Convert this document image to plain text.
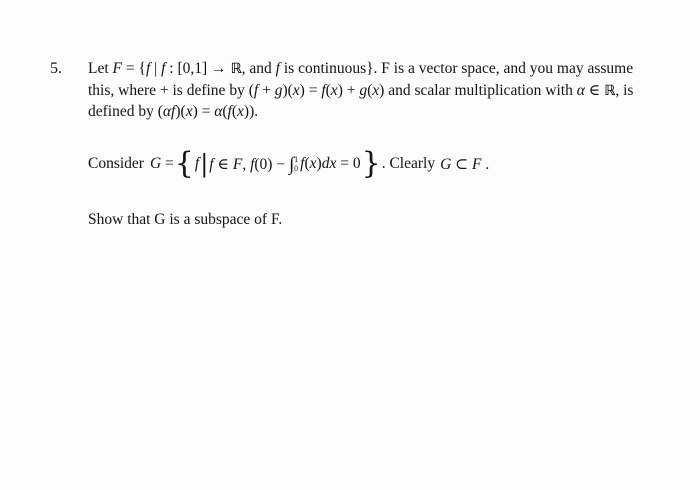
5. Let F = {f | f : [0,1] → ℝ, and f is continuous}. F is a vector space, and you may assume
this, where + is define by (f + g)(x) = f(x) + g(x) and scalar multiplication with α ∈ ℝ, is
defined by (αf)(x) = α(f(x)).
Consider G = { f | f ∈ F, f(0) − ∫ 1
0 f(x)dx = 0 } . Clearly G ⊂ F .
Show that G is a subspace of F.
